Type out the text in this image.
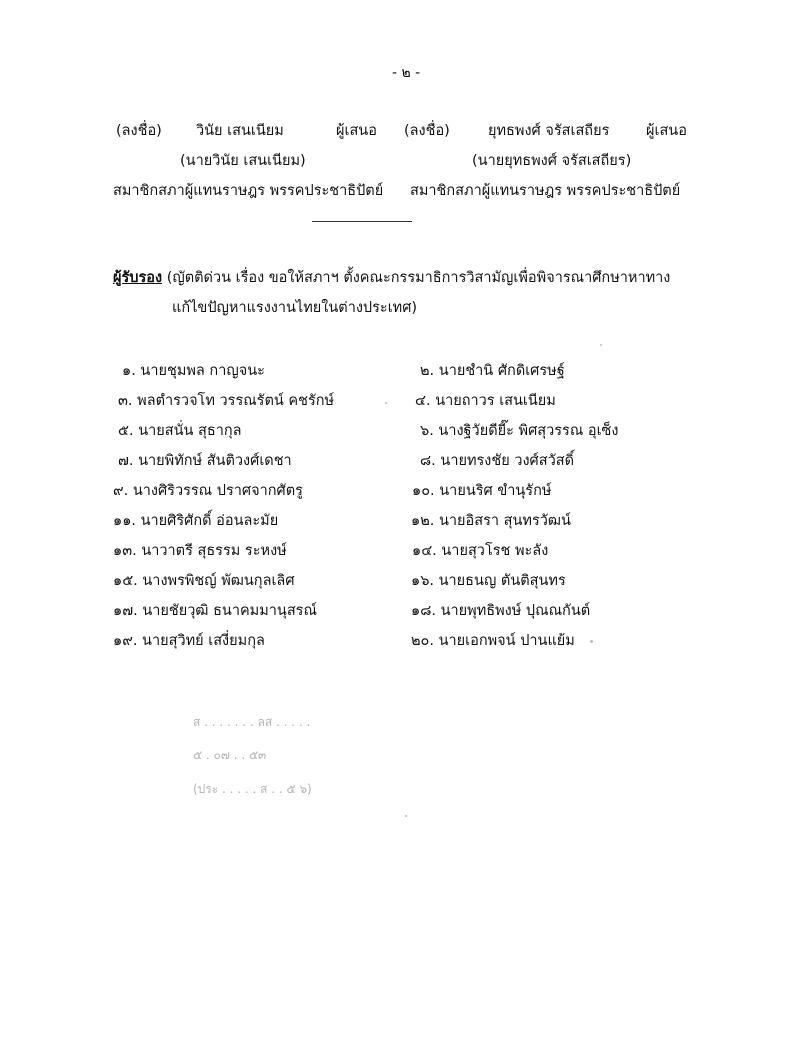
- ๒ -
(ลงชื่อ) วินัย เสนเนียม	ผู้เสนอ
(นายวินัย เสนเนียม)
สมาชิกสภาผู้แทนราษฎร พรรคประชาธิปัตย์
(ลงชื่อ)	ยุทธพงศ์ จรัสเสถียร	ผู้เสนอ
(นายยุทธพงศ์ จรัสเสถียร)
สมาชิกสภาผู้แทนราษฎร พรรคประชาธิปัตย์
ผู้รับรอง (ญัตติด่วน เรื่อง ขอให้สภาฯ ตั้งคณะกรรมาธิการวิสามัญเพื่อพิจารณาศึกษาหาทาง
แก้ไขปัญหาแรงงานไทยในต่างประเทศ)
๑. นายชุมพล กาญจนะ	๒. นายชำนิ ศักดิเศรษฐ์
๓. พลตำรวจโท วรรณรัตน์ คชรักษ์	๔. นายถาวร เสนเนียม
๕. นายสนั่น สุธากุล	๖. นางฐิวัยดียี๊ะ พิศสุวรรณ อุเซ็ง
๗. นายพิทักษ์ สันติวงศ์เดชา	๘. นายทรงชัย วงศ์สวัสดิ์
๙. นางศิริวรรณ ปราศจากศัตรู	๑๐. นายนริศ ขำนุรักษ์
๑๑. นายศิริศักดิ์ อ่อนละมัย	๑๒. นายอิสรา สุนทรวัฒน์
๑๓. นาวาตรี สุธรรม ระหงษ์	๑๔. นายสุวโรช พะลัง
๑๕. นางพรพิชญ์ พัฒนกุลเลิศ	๑๖. นายธนญ ตันติสุนทร
๑๗. นายชัยวุฒิ ธนาคมมานุสรณ์	๑๘. นายพุทธิพงษ์ ปุณณกันต์
๑๙. นายสุวิทย์ เสงี่ยมกุล	๒๐. นายเอกพจน์ ปานแย้ม
ส . . . . . . . ลส . . . . .
๕ . ๐๗ . . ๕๓
(ประ . . . . . ส . . ๕ ๖)
